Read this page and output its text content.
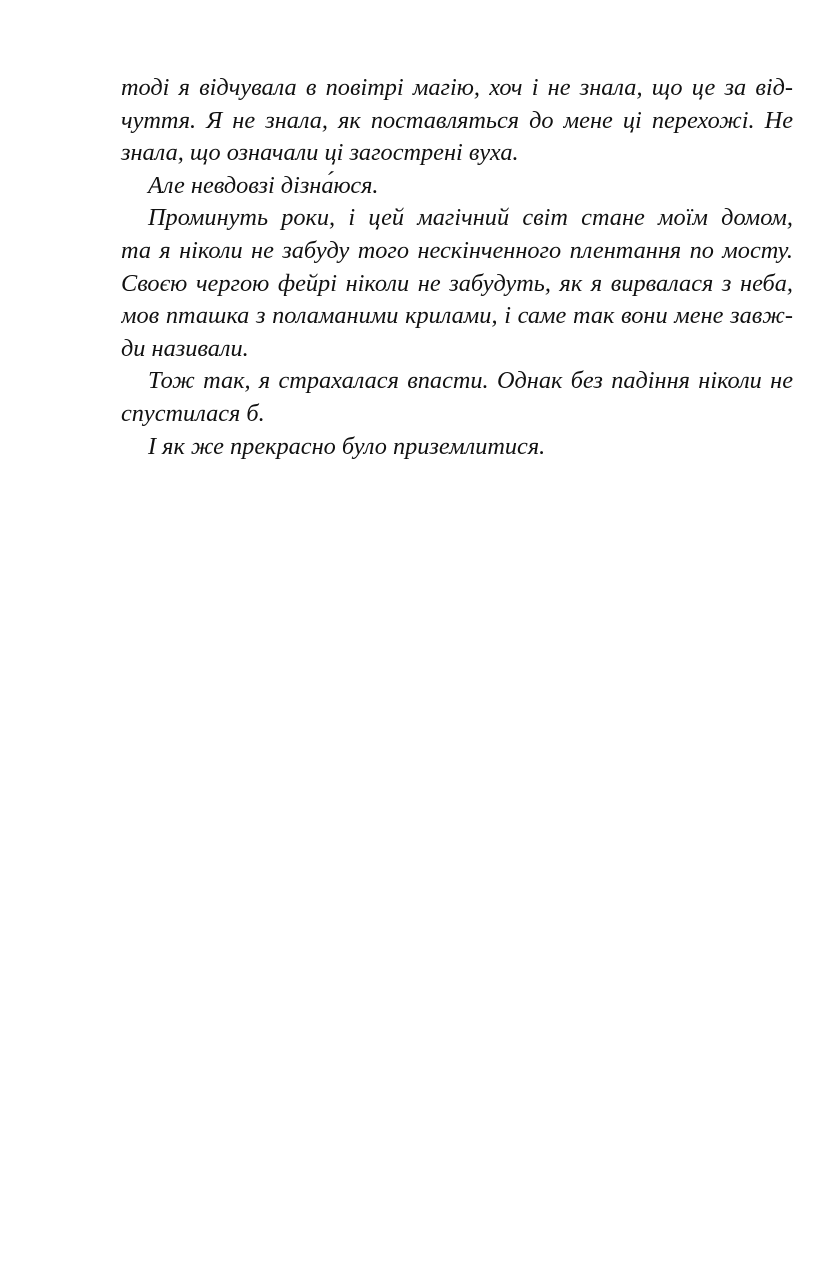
тоді я відчувала в повітрі магію, хоч і не знала, що це за від-
чуття. Я не знала, як поставляться до мене ці перехожі. Не
знала, що означали ці загострені вуха.
Але невдовзі дізна́юся.
Проминуть роки, і цей магічний світ стане моїм домом,
та я ніколи не забуду того нескінченного плентання по мосту.
Своєю чергою фейрі ніколи не забудуть, як я вирвалася з неба,
мов пташка з поламаними крилами, і саме так вони мене завж-
ди називали.
Тож так, я страхалася впасти. Однак без падіння ніколи не
спустилася б.
І як же прекрасно було приземлитися.
